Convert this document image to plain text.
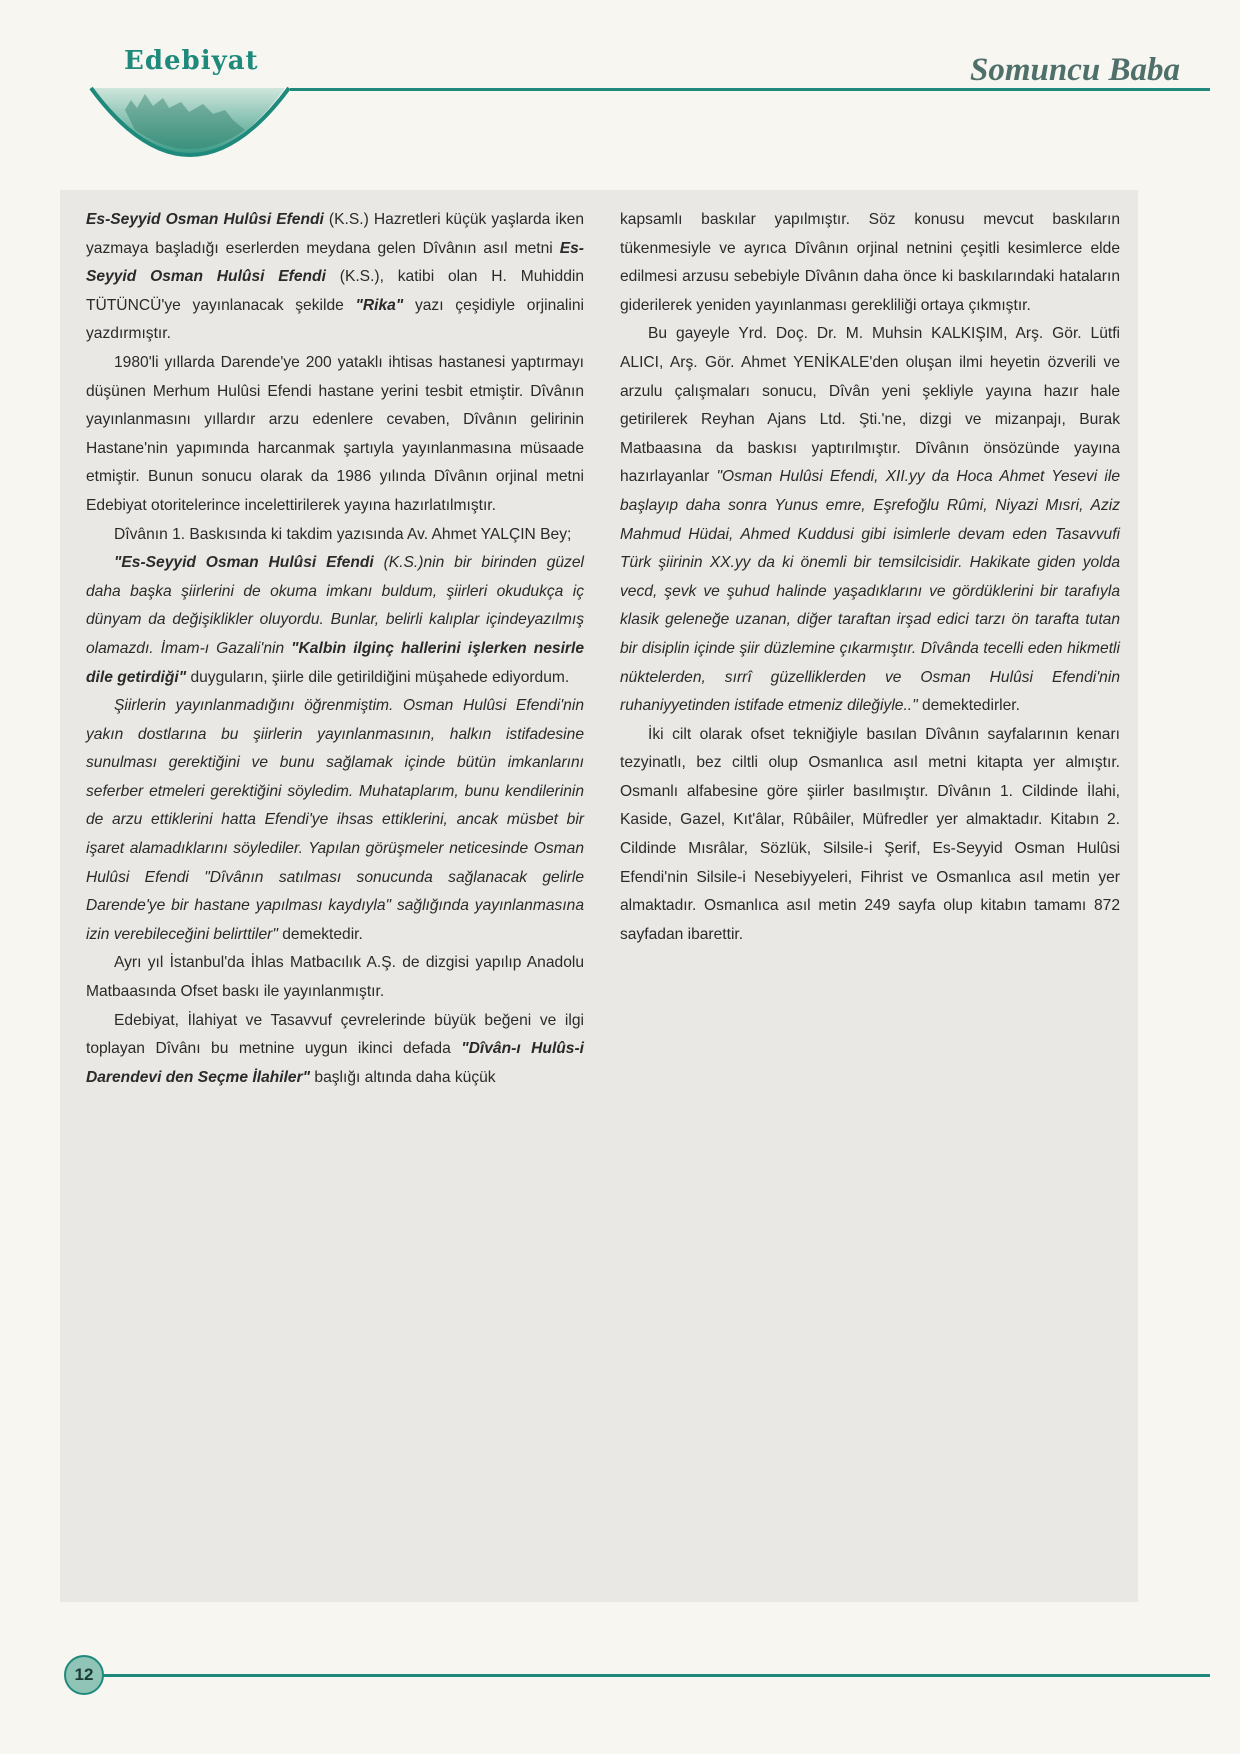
Edebiyat	Somuncu Baba

Es-Seyyid Osman Hulûsi Efendi (K.S.) Hazretleri küçük yaşlarda iken yazmaya başladığı eserlerden meydana gelen Dîvânın asıl metni Es-Seyyid Osman Hulûsi Efendi (K.S.), katibi olan H. Muhiddin TÜTÜNCÜ'ye yayınlanacak şekilde "Rika" yazı çeşidiyle orjinalini yazdırmıştır.

1980'li yıllarda Darende'ye 200 yataklı ihtisas hastanesi yaptırmayı düşünen Merhum Hulûsi Efendi hastane yerini tesbit etmiştir. Dîvânın yayınlanmasını yıllardır arzu edenlere cevaben, Dîvânın gelirinin Hastane'nin yapımında harcanmak şartıyla yayınlanmasına müsaade etmiştir. Bunun sonucu olarak da 1986 yılında Dîvânın orjinal metni Edebiyat otoritelerince incelettirilerek yayına hazırlatılmıştır.

Dîvânın 1. Baskısında ki takdim yazısında Av. Ahmet YALÇIN Bey;

"Es-Seyyid Osman Hulûsi Efendi (K.S.)nin bir birinden güzel daha başka şiirlerini de okuma imkanı buldum, şiirleri okudukça iç dünyam da değişiklikler oluyordu. Bunlar, belirli kalıplar içindeyazılmış olamazdı. İmam-ı Gazali'nin "Kalbin ilginç hallerini işlerken nesirle dile getirdiği" duyguların, şiirle dile getirildiğini müşahede ediyordum.

Şiirlerin yayınlanmadığını öğrenmiştim. Osman Hulûsi Efendi'nin yakın dostlarına bu şiirlerin yayınlanmasının, halkın istifadesine sunulması gerektiğini ve bunu sağlamak içinde bütün imkanlarını seferber etmeleri gerektiğini söyledim. Muhataplarım, bunu kendilerinin de arzu ettiklerini hatta Efendi'ye ihsas ettiklerini, ancak müsbet bir işaret alamadıklarını söylediler. Yapılan görüşmeler neticesinde Osman Hulûsi Efendi "Dîvânın satılması sonucunda sağlanacak gelirle Darende'ye bir hastane yapılması kaydıyla" sağlığında yayınlanmasına izin verebileceğini belirttiler" demektedir.

Ayrı yıl İstanbul'da İhlas Matbacılık A.Ş. de dizgisi yapılıp Anadolu Matbaasında Ofset baskı ile yayınlanmıştır.

Edebiyat, İlahiyat ve Tasavvuf çevrelerinde büyük beğeni ve ilgi toplayan Dîvânı bu metnine uygun ikinci defada "Dîvân-ı Hulûs-i Darendevi den Seçme İlahiler" başlığı altında daha küçük

kapsamlı baskılar yapılmıştır. Söz konusu mevcut baskıların tükenmesiyle ve ayrıca Dîvânın orjinal netnini çeşitli kesimlerce elde edilmesi arzusu sebebiyle Dîvânın daha önce ki baskılarındaki hataların giderilerek yeniden yayınlanması gerekliliği ortaya çıkmıştır.

Bu gayeyle Yrd. Doç. Dr. M. Muhsin KALKIŞIM, Arş. Gör. Lütfi ALICI, Arş. Gör. Ahmet YENİKALE'den oluşan ilmi heyetin özverili ve arzulu çalışmaları sonucu, Dîvân yeni şekliyle yayına hazır hale getirilerek Reyhan Ajans Ltd. Şti.'ne, dizgi ve mizanpajı, Burak Matbaasına da baskısı yaptırılmıştır. Dîvânın önsözünde yayına hazırlayanlar "Osman Hulûsi Efendi, XII.yy da Hoca Ahmet Yesevi ile başlayıp daha sonra Yunus emre, Eşrefoğlu Rûmi, Niyazi Mısri, Aziz Mahmud Hüdai, Ahmed Kuddusi gibi isimlerle devam eden Tasavvufi Türk şiirinin XX.yy da ki önemli bir temsilcisidir. Hakikate giden yolda vecd, şevk ve şuhud halinde yaşadıklarını ve gördüklerini bir tarafıyla klasik geleneğe uzanan, diğer taraftan irşad edici tarzı ön tarafta tutan bir disiplin içinde şiir düzlemine çıkarmıştır. Dîvânda tecelli eden hikmetli nüktelerden, sırrî güzelliklerden ve Osman Hulûsi Efendi'nin ruhaniyyetinden istifade etmeniz dileğiyle.." demektedirler.

İki cilt olarak ofset tekniğiyle basılan Dîvânın sayfalarının kenarı tezyinatlı, bez ciltli olup Osmanlıca asıl metni kitapta yer almıştır. Osmanlı alfabesine göre şiirler basılmıştır. Dîvânın 1. Cildinde İlahi, Kaside, Gazel, Kıt'âlar, Rûbâiler, Müfredler yer almaktadır. Kitabın 2. Cildinde Mısrâlar, Sözlük, Silsile-i Şerif, Es-Seyyid Osman Hulûsi Efendi'nin Silsile-i Nesebiyyeleri, Fihrist ve Osmanlıca asıl metin yer almaktadır. Osmanlıca asıl metin 249 sayfa olup kitabın tamamı 872 sayfadan ibarettir.

12
